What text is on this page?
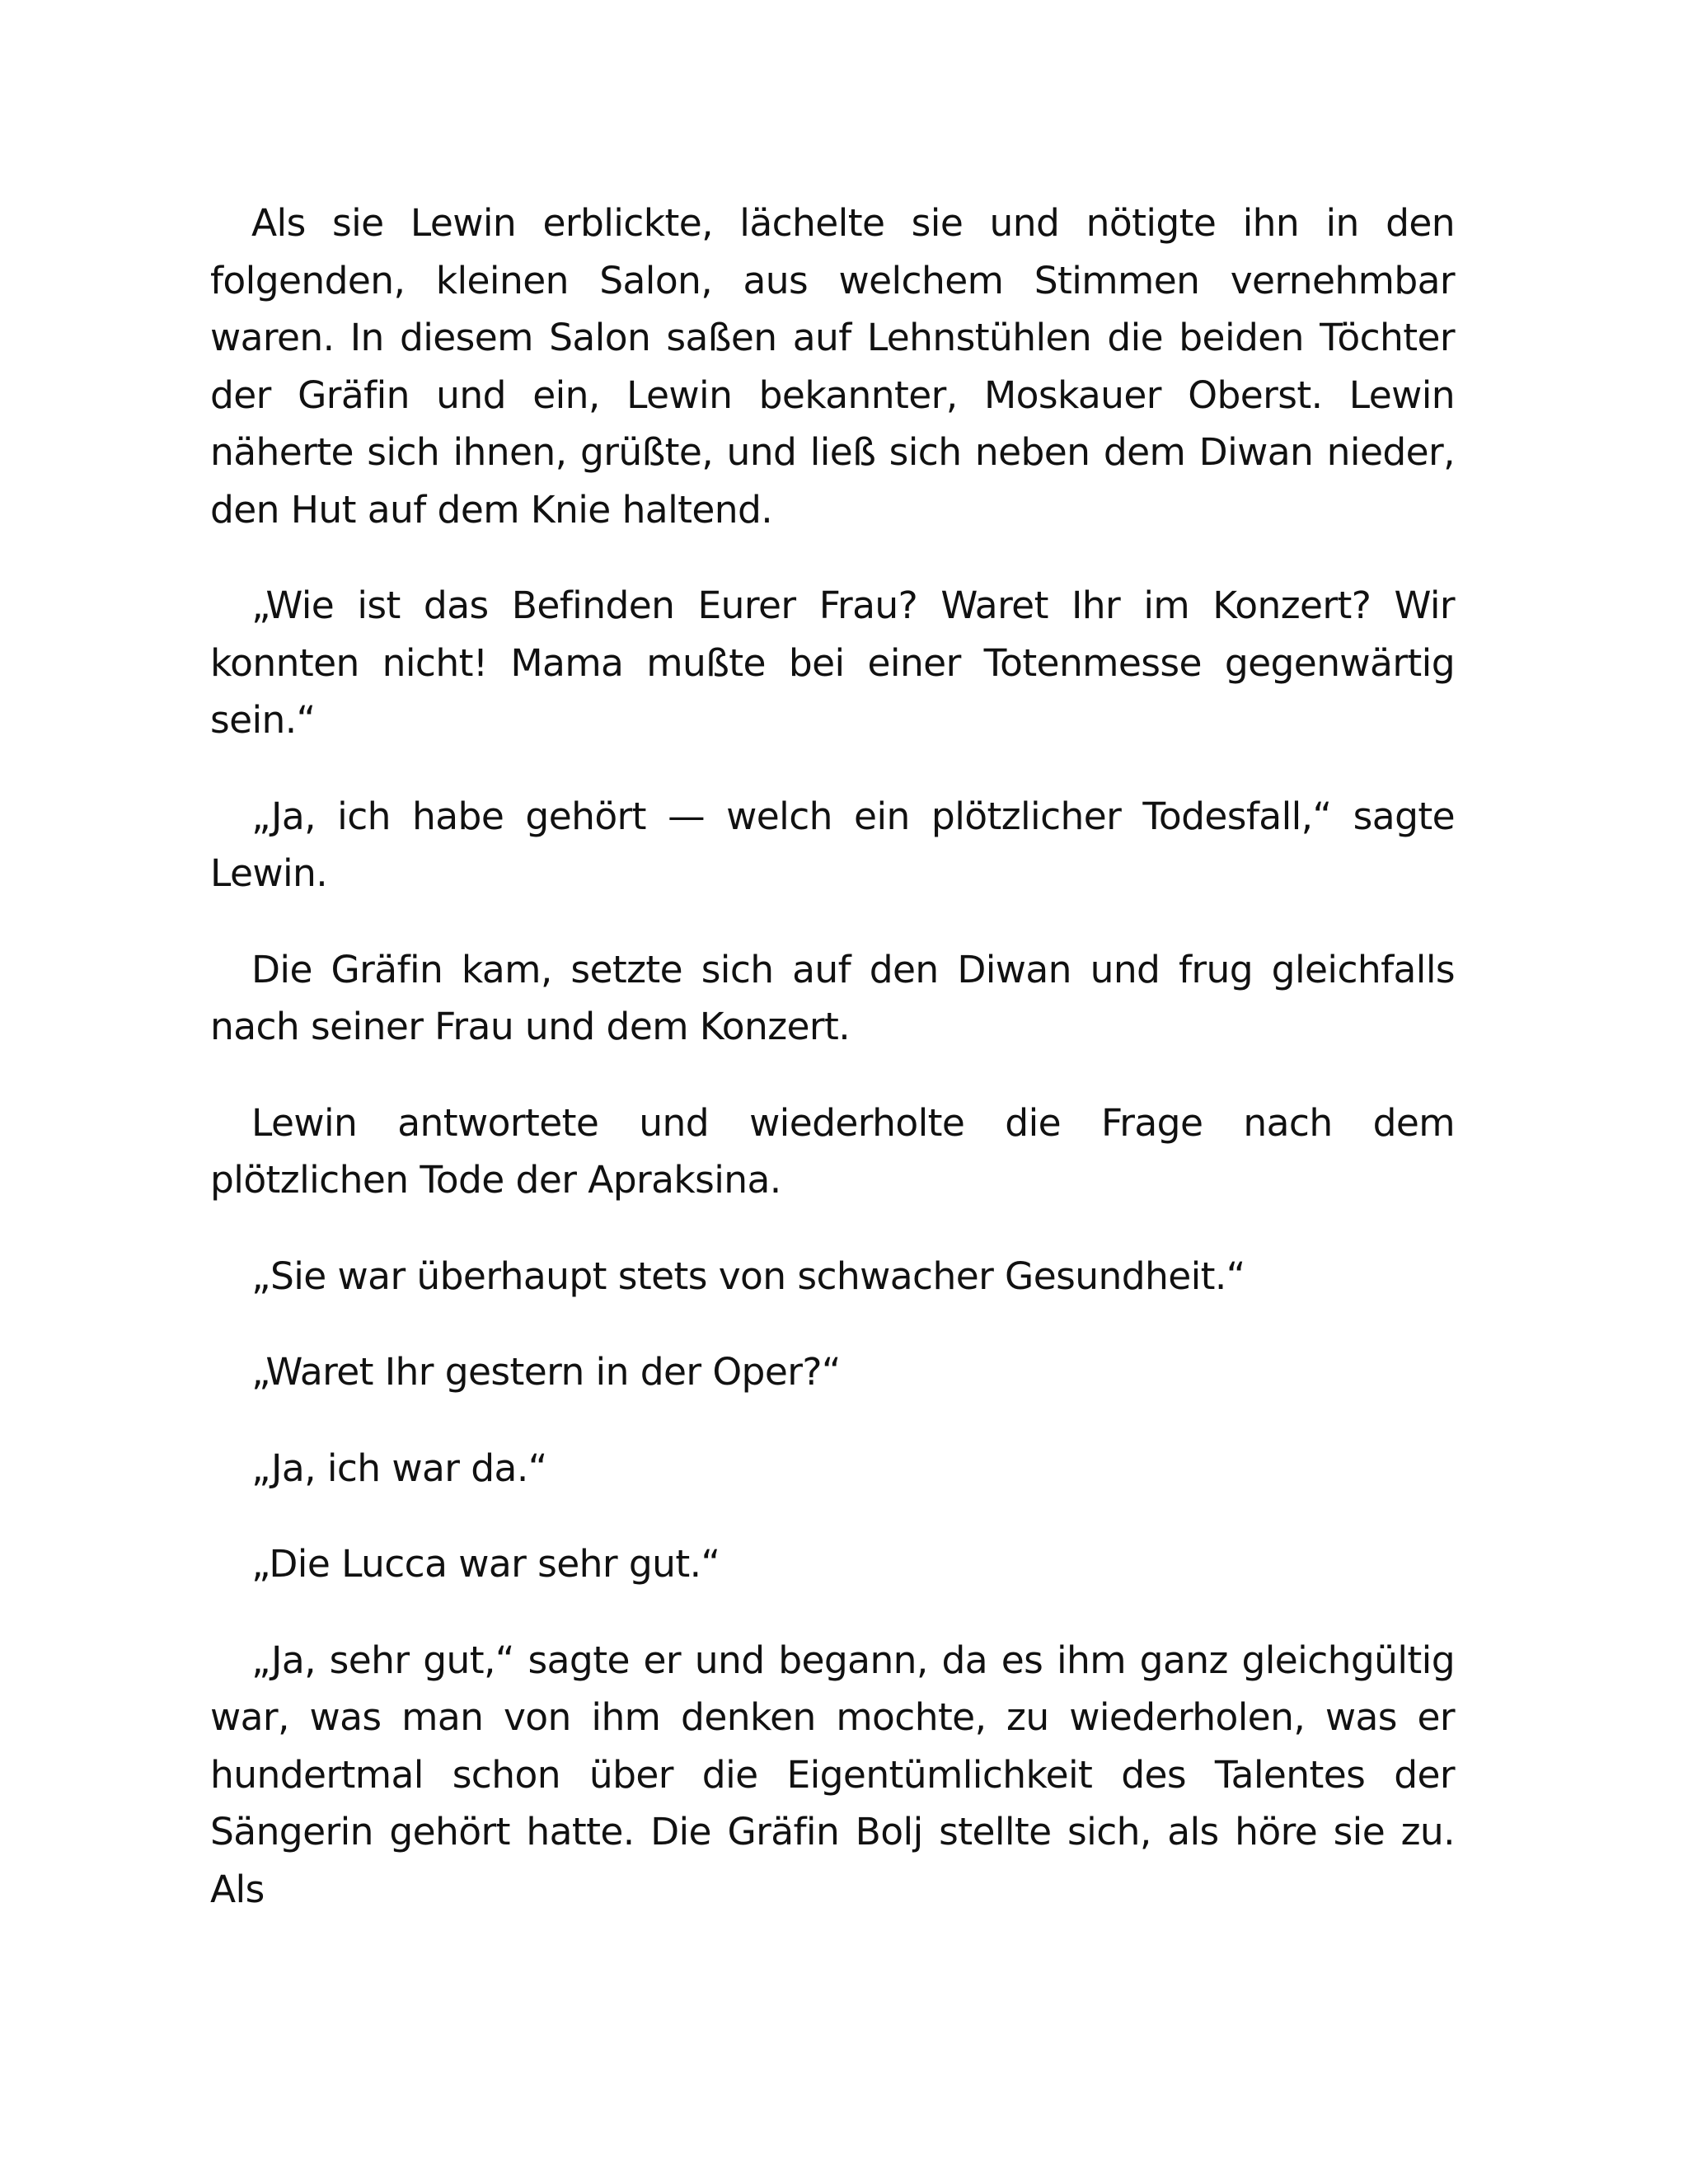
Als sie Lewin erblickte, lächelte sie und nötigte ihn in den folgenden, kleinen Salon, aus welchem Stimmen vernehmbar waren. In diesem Salon saßen auf Lehnstühlen die beiden Töchter der Gräfin und ein, Lewin bekannter, Moskauer Oberst. Lewin näherte sich ihnen, grüßte, und ließ sich neben dem Diwan nieder, den Hut auf dem Knie haltend.

„Wie ist das Befinden Eurer Frau? Waret Ihr im Konzert? Wir konnten nicht! Mama mußte bei einer Totenmesse gegenwärtig sein.“

„Ja, ich habe gehört — welch ein plötzlicher Todesfall,“ sagte Lewin.

Die Gräfin kam, setzte sich auf den Diwan und frug gleichfalls nach seiner Frau und dem Konzert.

Lewin antwortete und wiederholte die Frage nach dem plötzlichen Tode der Apraksina.

„Sie war überhaupt stets von schwacher Gesundheit.“

„Waret Ihr gestern in der Oper?“

„Ja, ich war da.“

„Die Lucca war sehr gut.“

„Ja, sehr gut,“ sagte er und begann, da es ihm ganz gleichgültig war, was man von ihm denken mochte, zu wiederholen, was er hundertmal schon über die Eigentümlichkeit des Talentes der Sängerin gehört hatte. Die Gräfin Bolj stellte sich, als höre sie zu. Als
